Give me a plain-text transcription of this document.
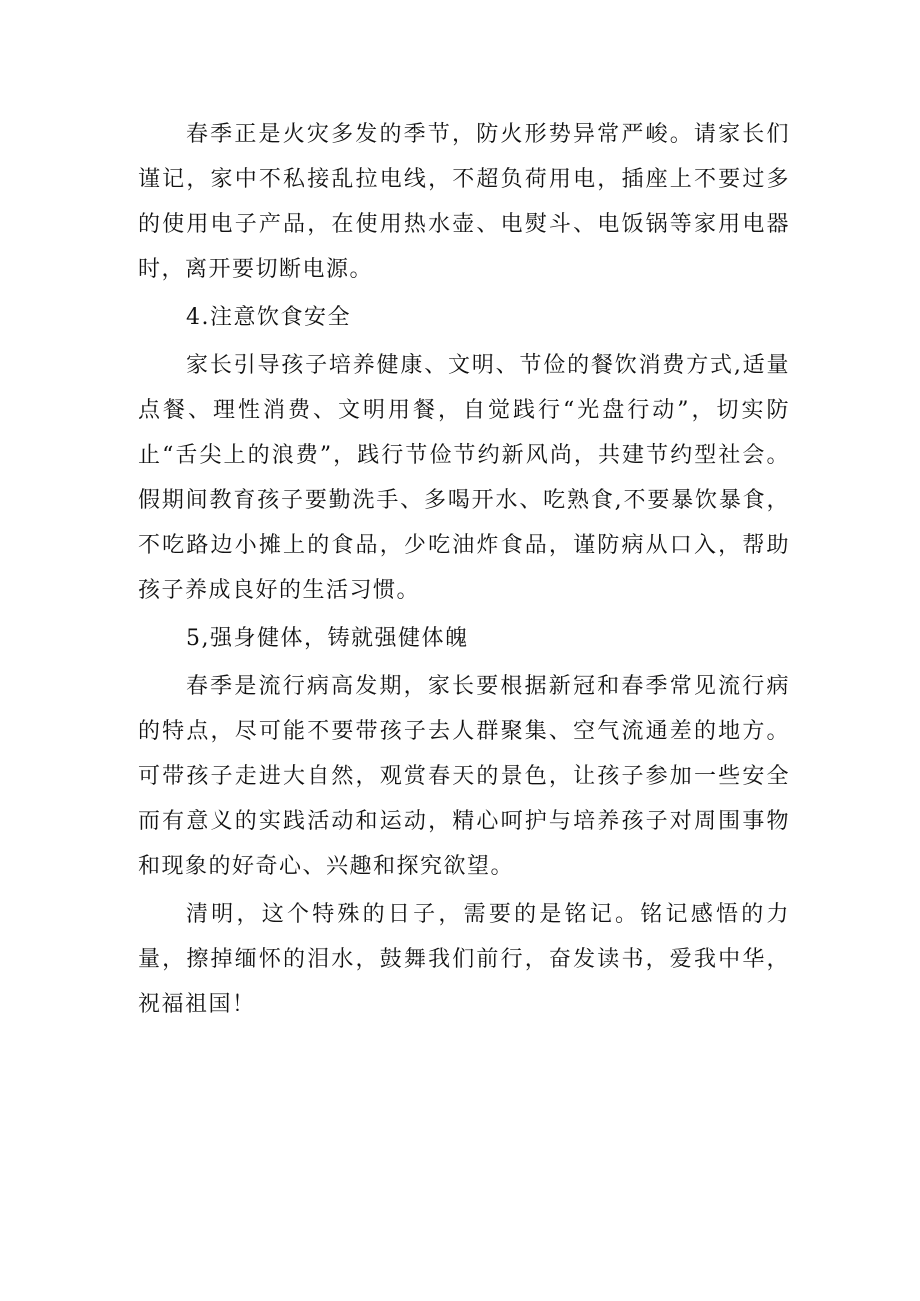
春季正是火灾多发的季节，防火形势异常严峻。请家长们谨记，家中不私接乱拉电线，不超负荷用电，插座上不要过多的使用电子产品，在使用热水壶、电熨斗、电饭锅等家用电器时，离开要切断电源。

4.注意饮食安全

家长引导孩子培养健康、文明、节俭的餐饮消费方式,适量点餐、理性消费、文明用餐，自觉践行“光盘行动”，切实防止“舌尖上的浪费”，践行节俭节约新风尚，共建节约型社会。假期间教育孩子要勤洗手、多喝开水、吃熟食,不要暴饮暴食，不吃路边小摊上的食品，少吃油炸食品，谨防病从口入，帮助孩子养成良好的生活习惯。

5,强身健体，铸就强健体魄

春季是流行病高发期，家长要根据新冠和春季常见流行病的特点，尽可能不要带孩子去人群聚集、空气流通差的地方。可带孩子走进大自然，观赏春天的景色，让孩子参加一些安全而有意义的实践活动和运动，精心呵护与培养孩子对周围事物和现象的好奇心、兴趣和探究欲望。

清明，这个特殊的日子，需要的是铭记。铭记感悟的力量，擦掉缅怀的泪水，鼓舞我们前行，奋发读书，爱我中华，祝福祖国！
